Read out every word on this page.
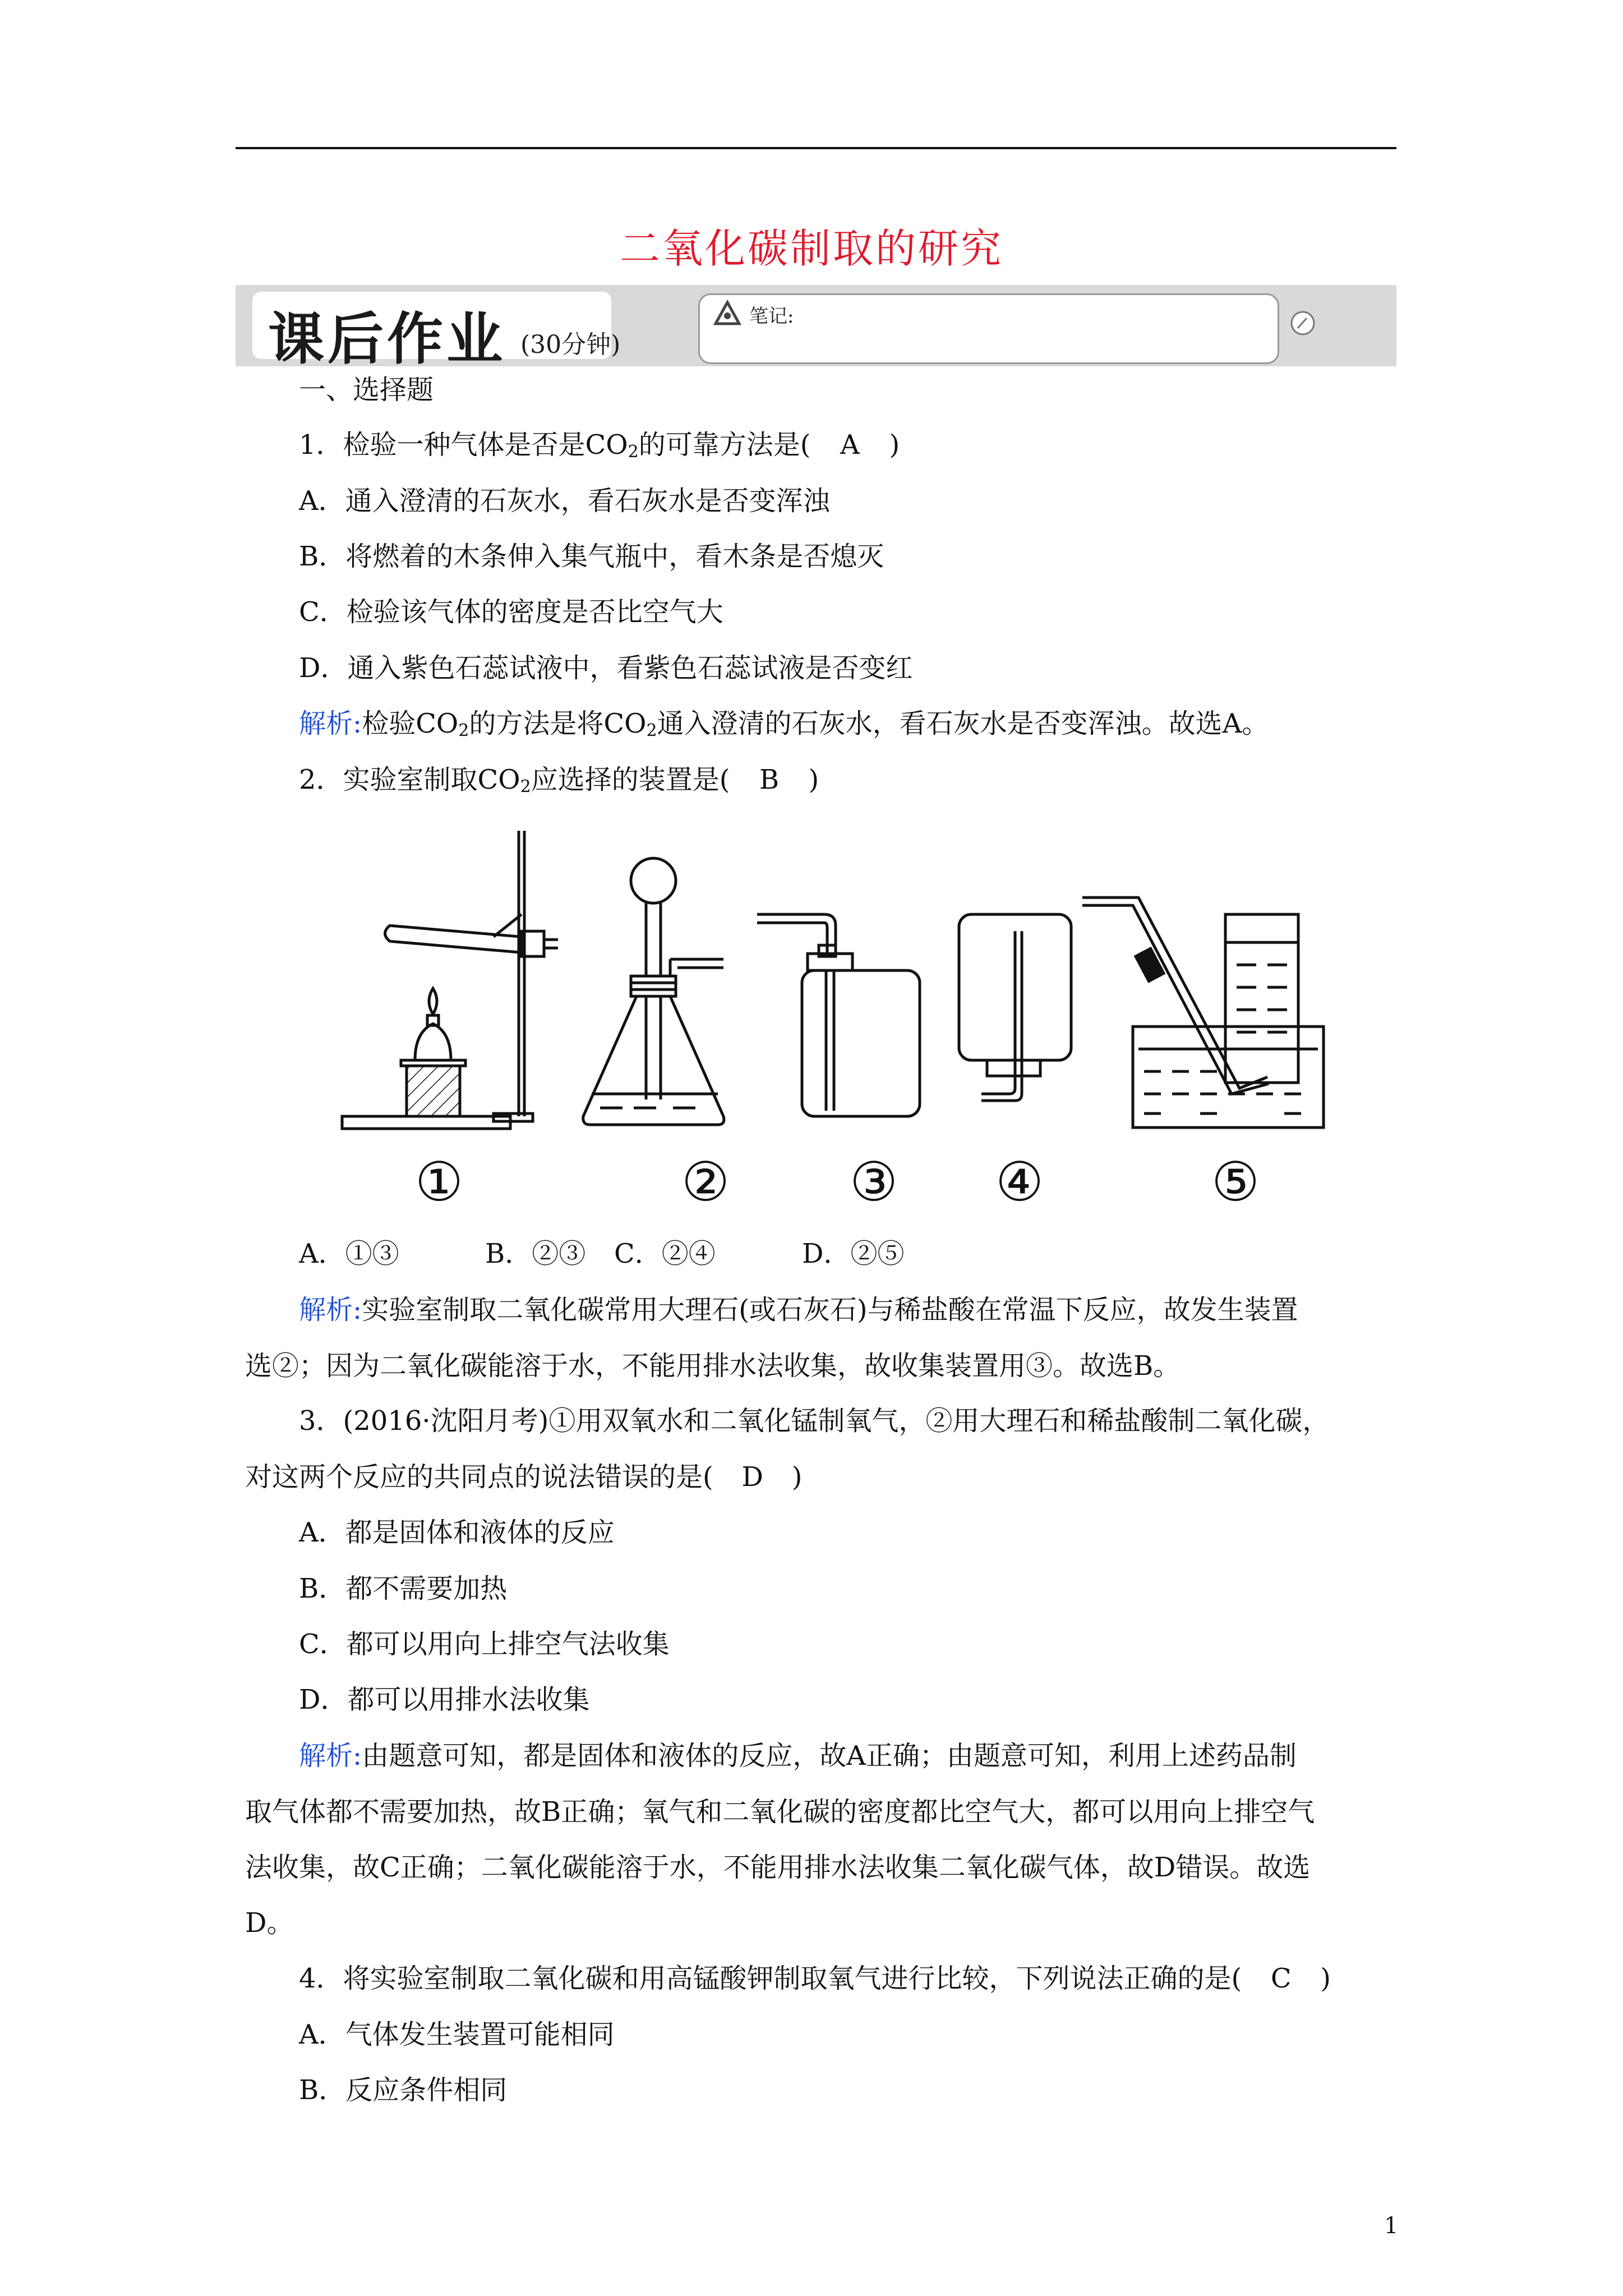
二氧化碳制取的研究
课后作业 (30分钟)
笔记:
一、选择题
1．检验一种气体是否是$CO_2$的可靠方法是( A )
A．通入澄清的石灰水，看石灰水是否变浑浊
B．将燃着的木条伸入集气瓶中，看木条是否熄灭
C．检验该气体的密度是否比空气大
D．通入紫色石蕊试液中，看紫色石蕊试液是否变红
解析:检验$CO_2$的方法是将$CO_2$通入澄清的石灰水，看石灰水是否变浑浊。故选A。
2．实验室制取$CO_2$应选择的装置是( B )
①	② ③ ④	⑤
A．①③	B．②③ C．②④	D．②⑤
解析:实验室制取二氧化碳常用大理石(或石灰石)与稀盐酸在常温下反应，故发生装置
选②；因为二氧化碳能溶于水，不能用排水法收集，故收集装置用③。故选B。
3．(2016·沈阳月考)①用双氧水和二氧化锰制氧气，②用大理石和稀盐酸制二氧化碳，
对这两个反应的共同点的说法错误的是( D )
A．都是固体和液体的反应
B．都不需要加热
C．都可以用向上排空气法收集
D．都可以用排水法收集
解析:由题意可知，都是固体和液体的反应，故A正确；由题意可知，利用上述药品制
取气体都不需要加热，故B正确；氧气和二氧化碳的密度都比空气大，都可以用向上排空气
法收集，故C正确；二氧化碳能溶于水，不能用排水法收集二氧化碳气体，故D错误。故选
D。
4．将实验室制取二氧化碳和用高锰酸钾制取氧气进行比较，下列说法正确的是( C )
A．气体发生装置可能相同
B．反应条件相同
1
